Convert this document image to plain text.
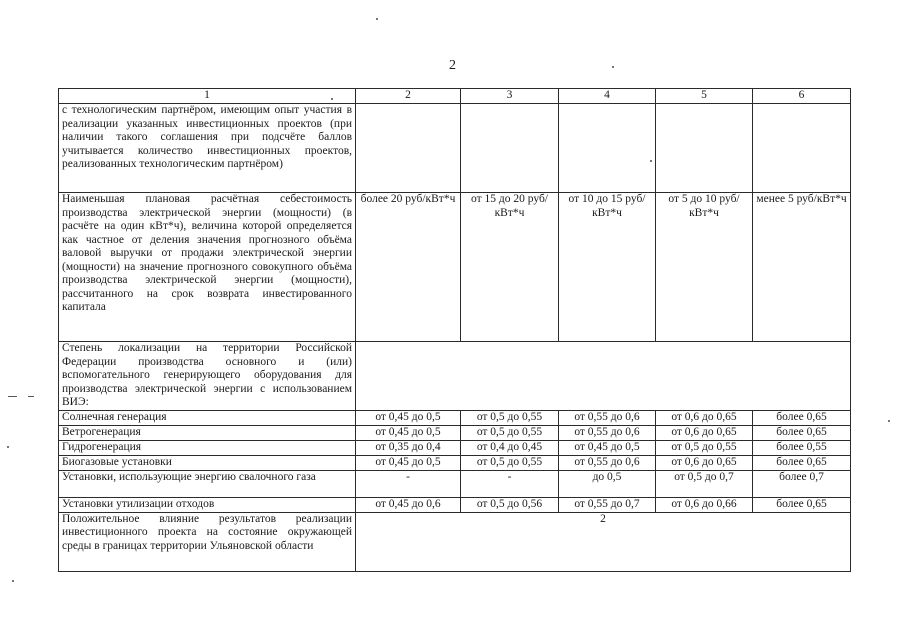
2
1	2	3	4	5	6
с технологическим партнёром, имеющим опыт участия в реализации указанных инвестиционных проектов (при наличии такого соглашения при подсчёте баллов учитывается количество инвестиционных проектов, реализованных технологическим партнёром)					
Наименьшая плановая расчётная себестоимость производства электрической энергии (мощности) (в расчёте на один кВт*ч), величина которой определяется как частное от деления значения прогнозного объёма валовой выручки от продажи электрической энергии (мощности) на значение прогнозного совокупного объёма производства электрической энергии (мощности), рассчитанного на срок возврата инвестированного капитала	более 20 руб/кВт*ч	от 15 до 20 руб/кВт*ч	от 10 до 15 руб/кВт*ч	от 5 до 10 руб/кВт*ч	менее 5 руб/кВт*ч
Степень локализации на территории Российской Федерации производства основного и (или) вспомогательного генерирующего оборудования для производства электрической энергии с использованием ВИЭ:					
Солнечная генерация	от 0,45 до 0,5	от 0,5 до 0,55	от 0,55 до 0,6	от 0,6 до 0,65	более 0,65
Ветрогенерация	от 0,45 до 0,5	от 0,5 до 0,55	от 0,55 до 0,6	от 0,6 до 0,65	более 0,65
Гидрогенерация	от 0,35 до 0,4	от 0,4 до 0,45	от 0,45 до 0,5	от 0,5 до 0,55	более 0,55
Биогазовые установки	от 0,45 до 0,5	от 0,5 до 0,55	от 0,55 до 0,6	от 0,6 до 0,65	более 0,65
Установки, использующие энергию свалочного газа	-	-	до 0,5	от 0,5 до 0,7	более 0,7
Установки утилизации отходов	от 0,45 до 0,6	от 0,5 до 0,56	от 0,55 до 0,7	от 0,6 до 0,66	более 0,65
Положительное влияние результатов реализации инвестиционного проекта на состояние окружающей среды в границах территории Ульяновской области	2				
